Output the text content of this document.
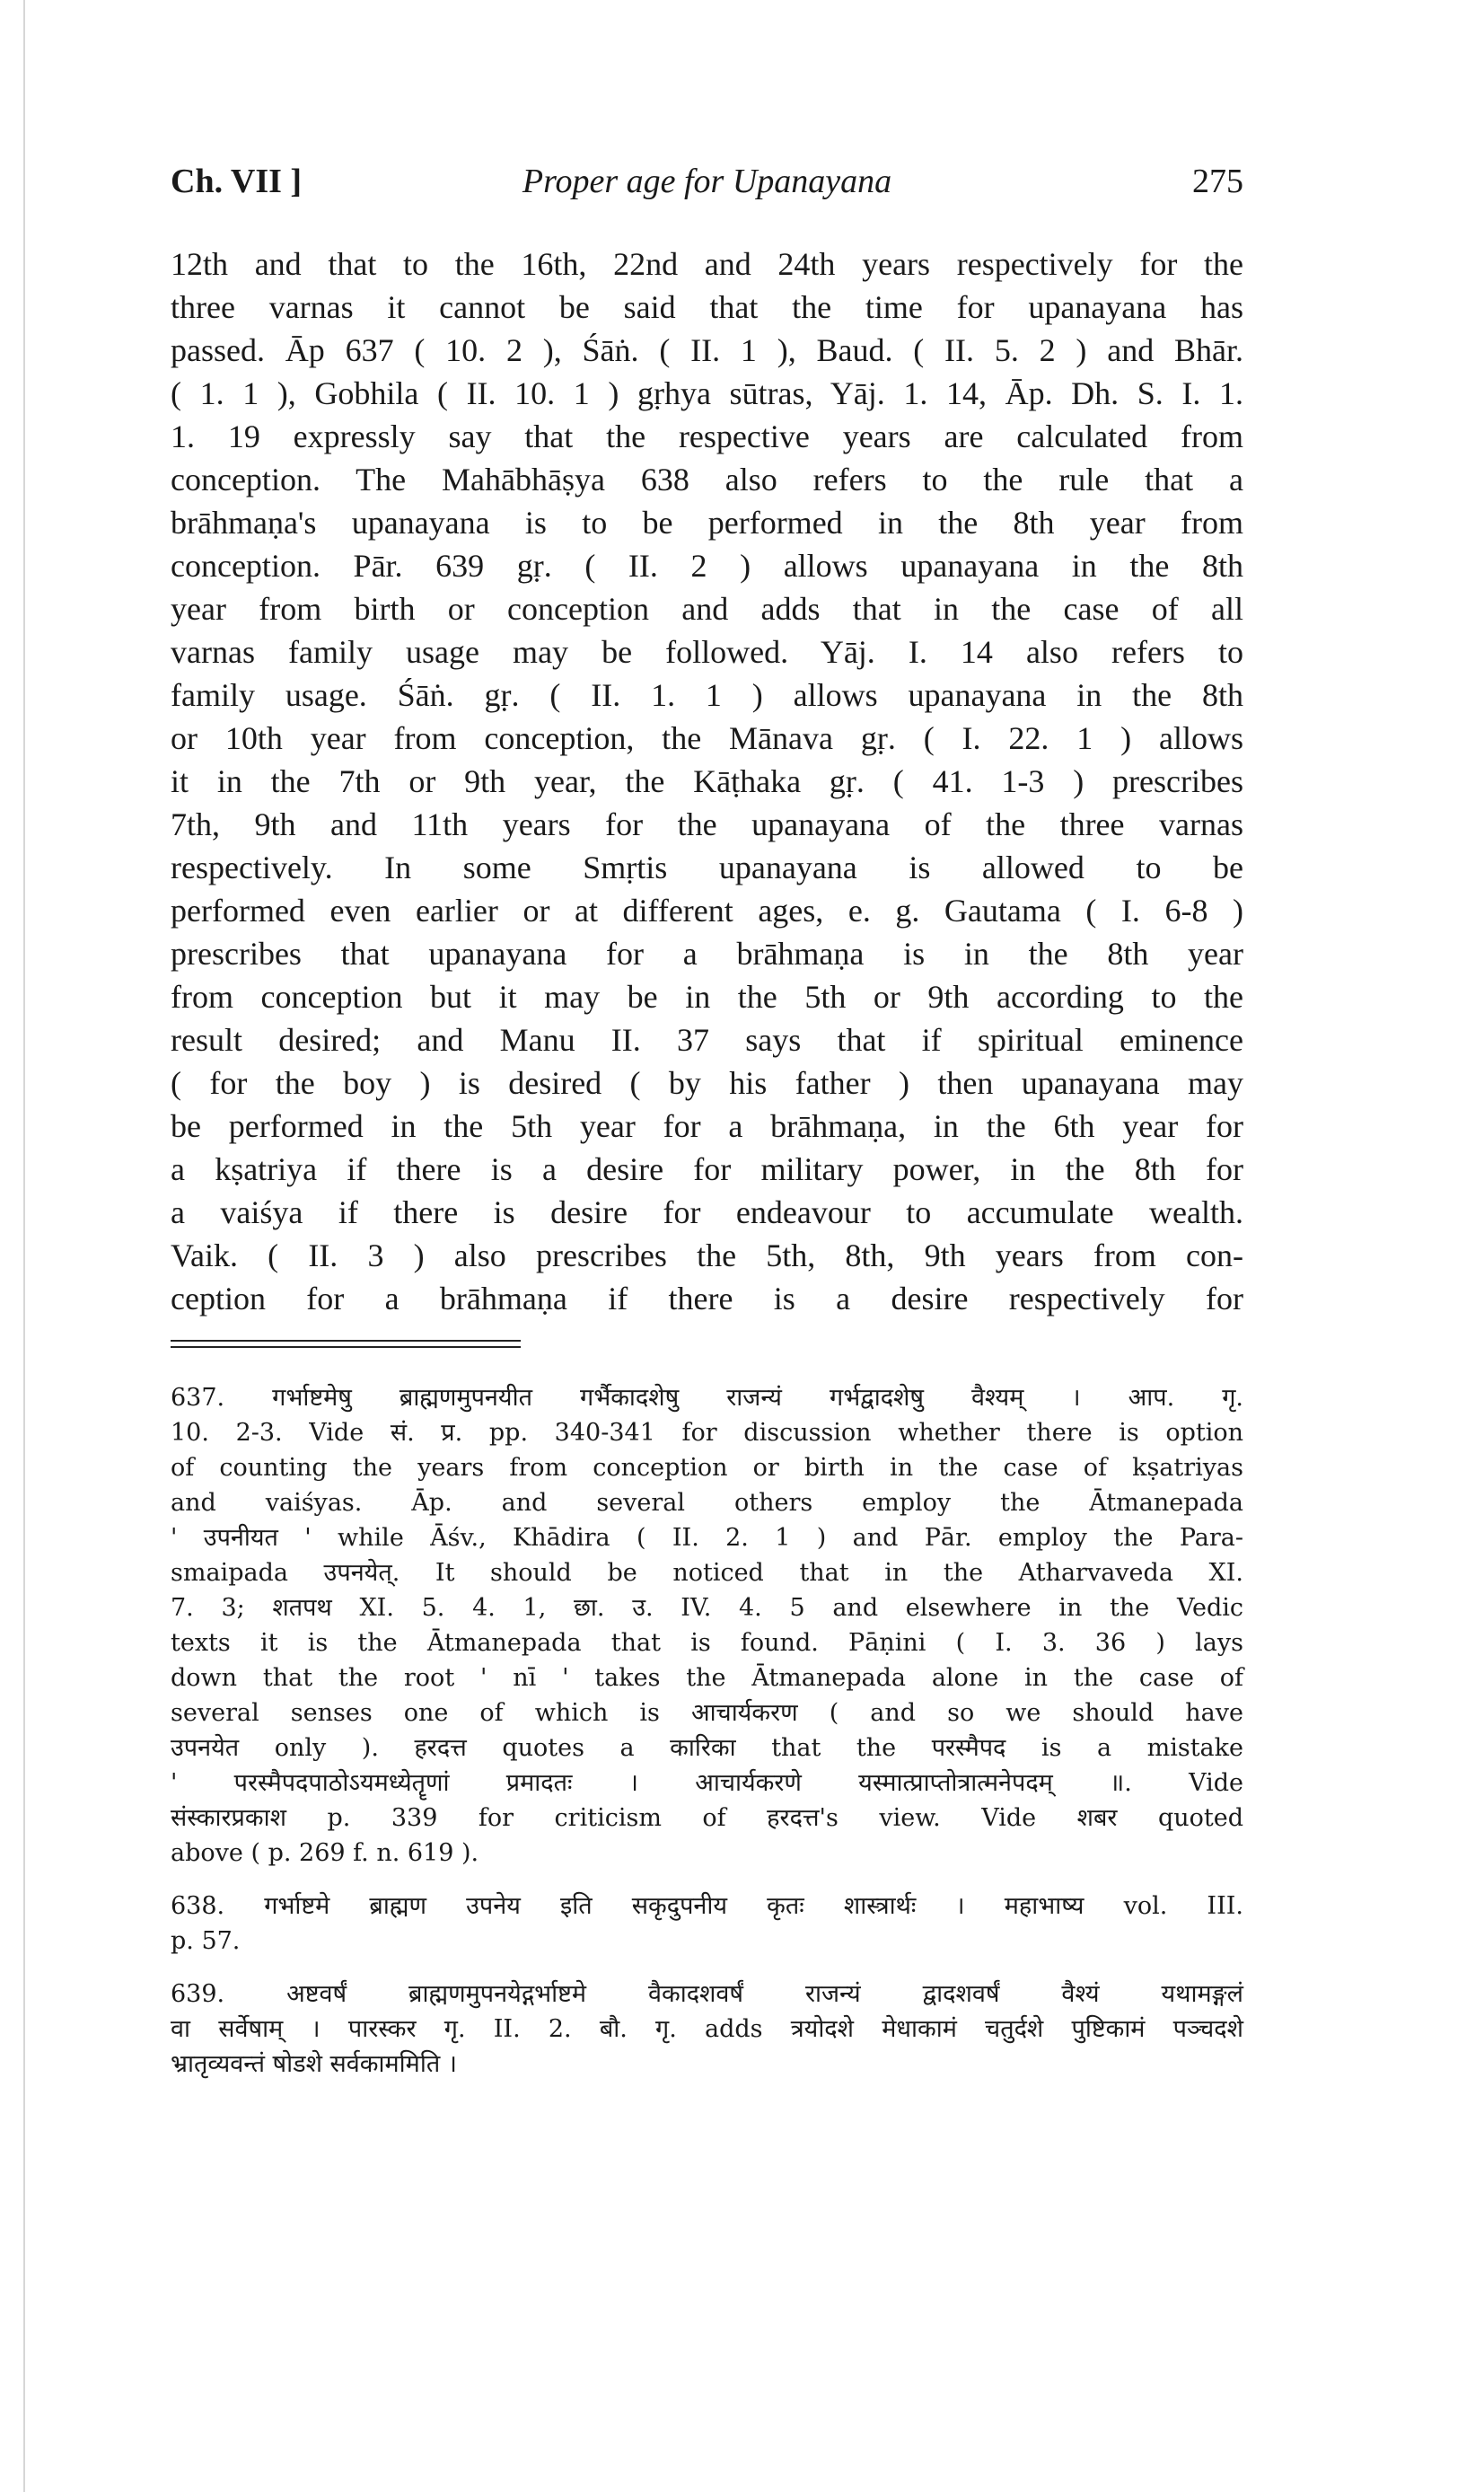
Ch. VII ]	Proper age for Upanayana	275
12th and that to the 16th, 22nd and 24th years respectively for the
three varnas it cannot be said that the time for upanayana has
passed. Āp 637 ( 10. 2 ), Śāṅ. ( II. 1 ), Baud. ( II. 5. 2 ) and Bhār.
( 1. 1 ), Gobhila ( II. 10. 1 ) gṛhya sūtras, Yāj. 1. 14, Āp. Dh. S. I. 1.
1. 19 expressly say that the respective years are calculated from
conception. The Mahābhāṣya 638 also refers to the rule that a
brāhmaṇa's upanayana is to be performed in the 8th year from
conception. Pār. 639 gṛ. ( II. 2 ) allows upanayana in the 8th
year from birth or conception and adds that in the case of all
varnas family usage may be followed. Yāj. I. 14 also refers to
family usage. Śāṅ. gṛ. ( II. 1. 1 ) allows upanayana in the 8th
or 10th year from conception, the Mānava gṛ. ( I. 22. 1 ) allows
it in the 7th or 9th year, the Kāṭhaka gṛ. ( 41. 1-3 ) prescribes
7th, 9th and 11th years for the upanayana of the three varnas
respectively. In some Smṛtis upanayana is allowed to be
performed even earlier or at different ages, e. g. Gautama ( I. 6-8 )
prescribes that upanayana for a brāhmaṇa is in the 8th year
from conception but it may be in the 5th or 9th according to the
result desired; and Manu II. 37 says that if spiritual eminence
( for the boy ) is desired ( by his father ) then upanayana may
be performed in the 5th year for a brāhmaṇa, in the 6th year for
a kṣatriya if there is a desire for military power, in the 8th for
a vaiśya if there is desire for endeavour to accumulate wealth.
Vaik. ( II. 3 ) also prescribes the 5th, 8th, 9th years from con-
ception for a brāhmaṇa if there is a desire respectively for
637. गर्भाष्टमेषु ब्राह्मणमुपनयीत गर्भैकादशेषु राजन्यं गर्भद्वादशेषु वैश्यम् । आप. गृ.
10. 2-3. Vide सं. प्र. pp. 340-341 for discussion whether there is option
of counting the years from conception or birth in the case of kṣatriyas
and vaiśyas. Āp. and several others employ the Ātmanepada
' उपनीयत ' while Āśv., Khādira ( II. 2. 1 ) and Pār. employ the Para-
smaipada उपनयेत्. It should be noticed that in the Atharvaveda XI.
7. 3; शतपथ XI. 5. 4. 1, छा. उ. IV. 4. 5 and elsewhere in the Vedic
texts it is the Ātmanepada that is found. Pāṇini ( I. 3. 36 ) lays
down that the root ' nī ' takes the Ātmanepada alone in the case of
several senses one of which is आचार्यकरण ( and so we should have
उपनयेत only ). हरदत्त quotes a कारिका that the परस्मैपद is a mistake
' परस्मैपदपाठोऽयमध्येतॄणां प्रमादतः । आचार्यकरणे यस्मात्प्राप्तोत्रात्मनेपदम् ॥. Vide
संस्कारप्रकाश p. 339 for criticism of हरदत्त's view. Vide शबर quoted
above ( p. 269 f. n. 619 ).
638. गर्भाष्टमे ब्राह्मण उपनेय इति सकृदुपनीय कृतः शास्त्रार्थः । महाभाष्य vol. III.
p. 57.
639. अष्टवर्षं ब्राह्मणमुपनयेद्गर्भाष्टमे वैकादशवर्षं राजन्यं द्वादशवर्षं वैश्यं यथामङ्गलं
वा सर्वेषाम् । पारस्कर गृ. II. 2. बौ. गृ. adds त्रयोदशे मेधाकामं चतुर्दशे पुष्टिकामं पञ्चदशे
भ्रातृव्यवन्तं षोडशे सर्वकाममिति ।
